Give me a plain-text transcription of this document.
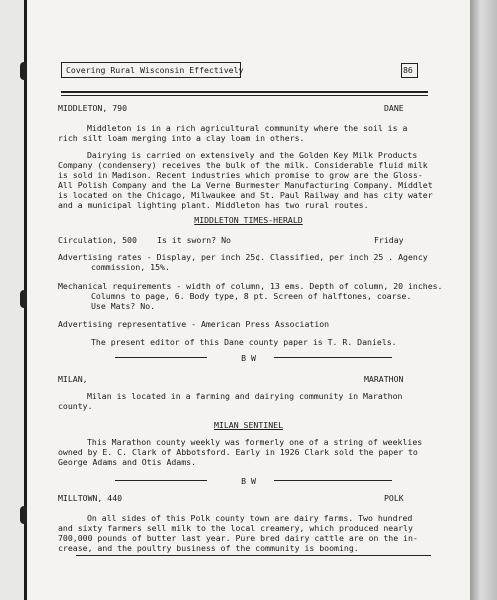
Covering Rural Wisconsin Effectively	86

MIDDLETON, 790	DANE

Middleton is in a rich agricultural community where the soil is a

rich silt loam merging into a clay loam in others.

Dairying is carried on extensively and the Golden Key Milk Products

Company (condensery) receives the bulk of the milk. Considerable fluid milk

is sold in Madison. Recent industries which promise to grow are the Gloss-

All Polish Company and the La Verne Burmester Manufacturing Company. Middlet

is located on the Chicago, Milwaukee and St. Paul Railway and has city water

and a municipal lighting plant. Middleton has two rural routes.

MIDDLETON TIMES-HERALD

Circulation, 500 Is it sworn? No	Friday

Advertising rates - Display, per inch 25¢. Classified, per inch 25 . Agency

commission, 15%.

Mechanical requirements - width of column, 13 ems. Depth of column, 20 inches.

Columns to page, 6. Body type, 8 pt. Screen of halftones, coarse.

Use Mats? No.

Advertising representative - American Press Association

The present editor of this Dane county paper is T. R. Daniels.

B W

MILAN,	MARATHON

Milan is located in a farming and dairying community in Marathon

county.

MILAN SENTINEL

This Marathon county weekly was formerly one of a string of weeklies

owned by E. C. Clark of Abbotsford. Early in 1926 Clark sold the paper to

George Adams and Otis Adams.

B W

MILLTOWN, 440	POLK

On all sides of this Polk county town are dairy farms. Two hundred

and sixty farmers sell milk to the local creamery, which produced nearly

700,000 pounds of butter last year. Pure bred dairy cattle are on the in-

crease, and the poultry business of the community is booming.
